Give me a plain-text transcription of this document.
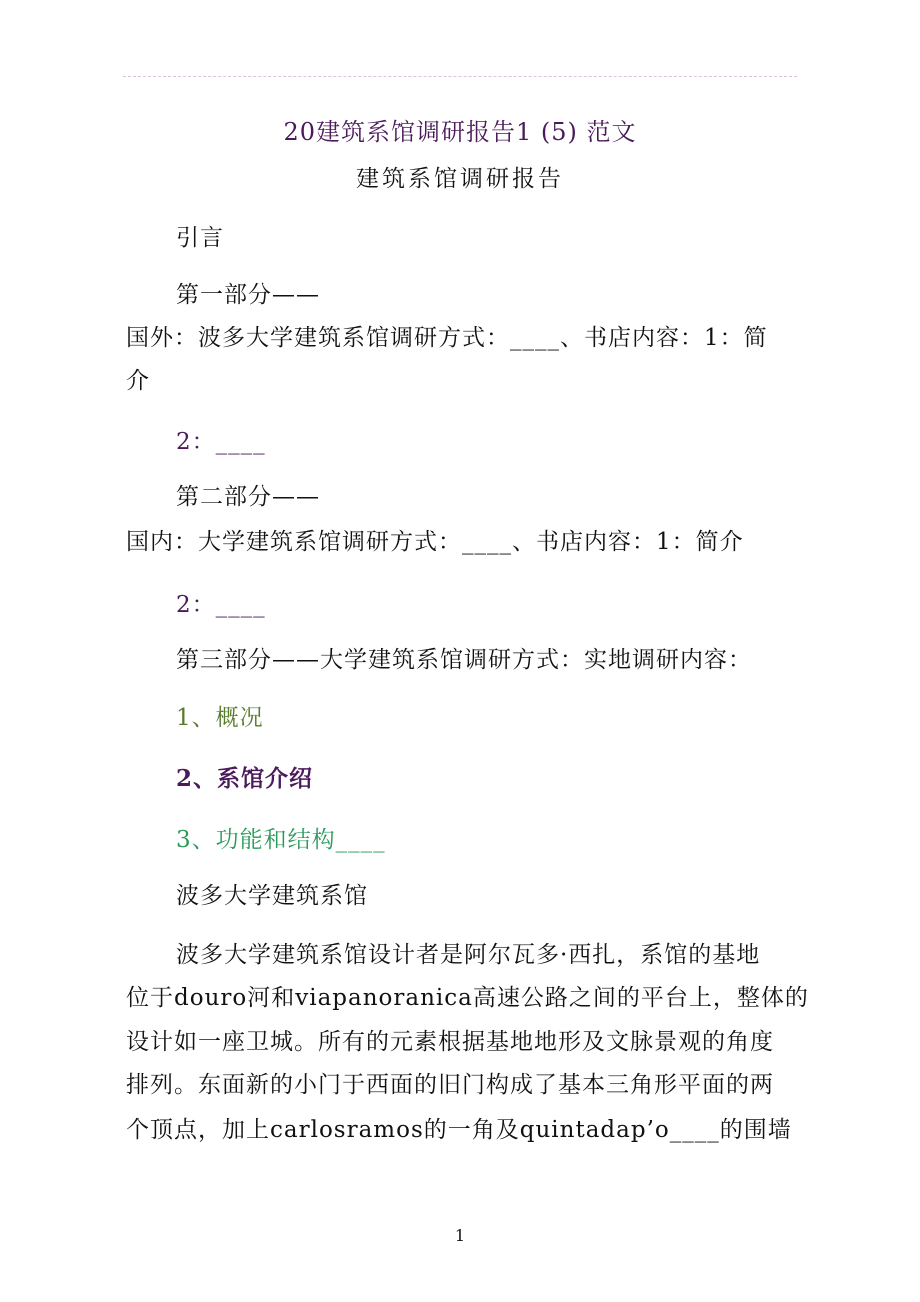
20建筑系馆调研报告1 (5) 范文
建筑系馆调研报告
引言
第一部分——
国外：波多大学建筑系馆调研方式：____、书店内容：1：简
介
2：____
第二部分——
国内：大学建筑系馆调研方式：____、书店内容：1：简介
2：____
第三部分——大学建筑系馆调研方式：实地调研内容：
1、概况
2、系馆介绍
3、功能和结构____
波多大学建筑系馆
波多大学建筑系馆设计者是阿尔瓦多·西扎，系馆的基地
位于douro河和viapanoranica高速公路之间的平台上，整体的
设计如一座卫城。所有的元素根据基地地形及文脉景观的角度
排列。东面新的小门于西面的旧门构成了基本三角形平面的两
个顶点，加上carlosramos的一角及quintadap’o____的围墙
1
